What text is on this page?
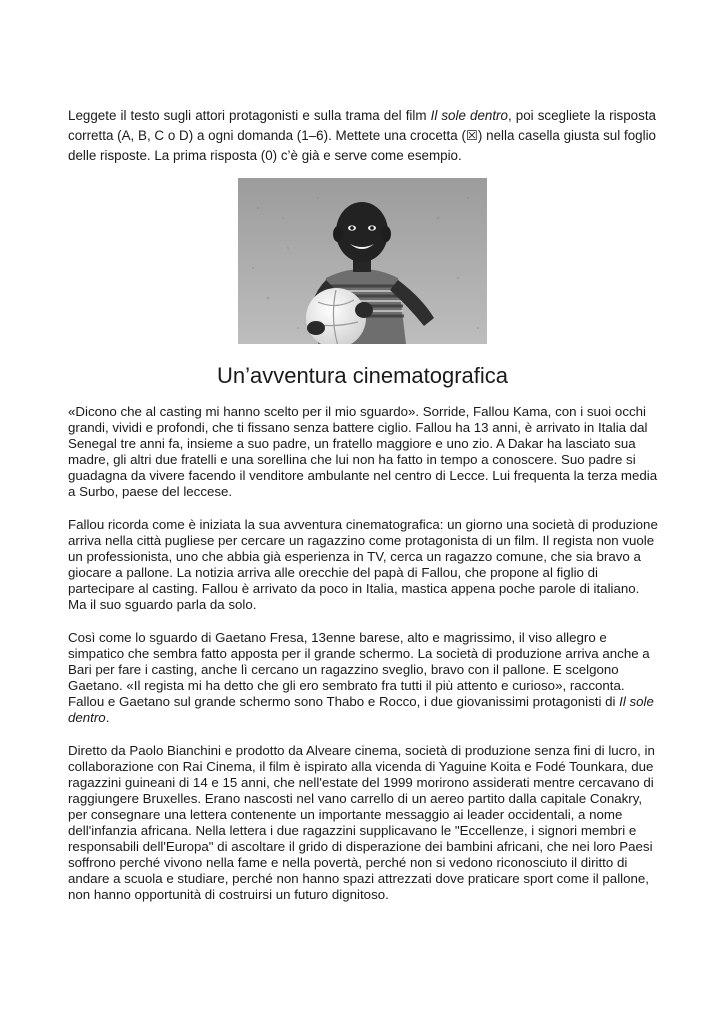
Leggete il testo sugli attori protagonisti e sulla trama del film Il sole dentro, poi scegliete la risposta corretta (A, B, C o D) a ogni domanda (1–6). Mettete una crocetta (☒) nella casella giusta sul foglio delle risposte. La prima risposta (0) c’è già e serve come esempio.

Un’avventura cinematografica

«Dicono che al casting mi hanno scelto per il mio sguardo». Sorride, Fallou Kama, con i suoi occhi grandi, vividi e profondi, che ti fissano senza battere ciglio. Fallou ha 13 anni, è arrivato in Italia dal Senegal tre anni fa, insieme a suo padre, un fratello maggiore e uno zio. A Dakar ha lasciato sua madre, gli altri due fratelli e una sorellina che lui non ha fatto in tempo a conoscere. Suo padre si guadagna da vivere facendo il venditore ambulante nel centro di Lecce. Lui frequenta la terza media a Surbo, paese del leccese.

Fallou ricorda come è iniziata la sua avventura cinematografica: un giorno una società di produzione arriva nella città pugliese per cercare un ragazzino come protagonista di un film. Il regista non vuole un professionista, uno che abbia già esperienza in TV, cerca un ragazzo comune, che sia bravo a giocare a pallone. La notizia arriva alle orecchie del papà di Fallou, che propone al figlio di partecipare al casting. Fallou è arrivato da poco in Italia, mastica appena poche parole di italiano. Ma il suo sguardo parla da solo.

Così come lo sguardo di Gaetano Fresa, 13enne barese, alto e magrissimo, il viso allegro e simpatico che sembra fatto apposta per il grande schermo. La società di produzione arriva anche a Bari per fare i casting, anche lì cercano un ragazzino sveglio, bravo con il pallone. E scelgono Gaetano. «Il regista mi ha detto che gli ero sembrato fra tutti il più attento e curioso», racconta. Fallou e Gaetano sul grande schermo sono Thabo e Rocco, i due giovanissimi protagonisti di Il sole dentro.

Diretto da Paolo Bianchini e prodotto da Alveare cinema, società di produzione senza fini di lucro, in collaborazione con Rai Cinema, il film è ispirato alla vicenda di Yaguine Koita e Fodé Tounkara, due ragazzini guineani di 14 e 15 anni, che nell'estate del 1999 morirono assiderati mentre cercavano di raggiungere Bruxelles. Erano nascosti nel vano carrello di un aereo partito dalla capitale Conakry, per consegnare una lettera contenente un importante messaggio ai leader occidentali, a nome dell'infanzia africana. Nella lettera i due ragazzini supplicavano le "Eccellenze, i signori membri e responsabili dell'Europa" di ascoltare il grido di disperazione dei bambini africani, che nei loro Paesi soffrono perché vivono nella fame e nella povertà, perché non si vedono riconosciuto il diritto di andare a scuola e studiare, perché non hanno spazi attrezzati dove praticare sport come il pallone, non hanno opportunità di costruirsi un futuro dignitoso.
